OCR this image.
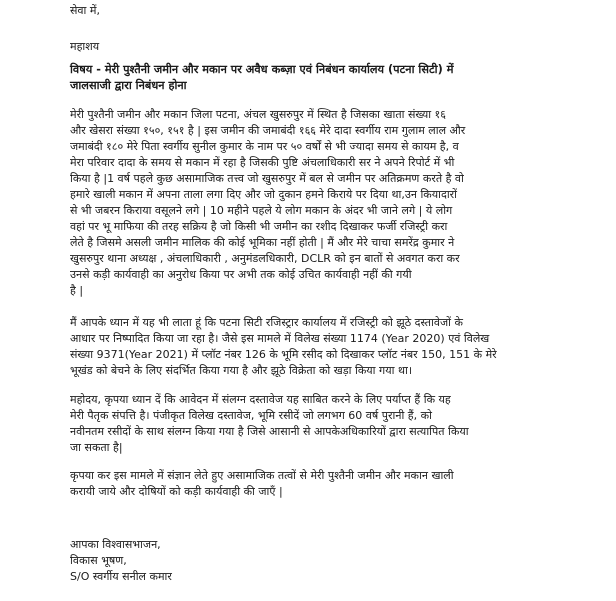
सेवा में,
महाशय
विषय - मेरी पुश्तैनी जमीन और मकान पर अवैध कब्ज़ा एवं निबंधन कार्यालय (पटना सिटी) में
जालसाजी द्वारा निबंधन होना
मेरी पुश्तैनी जमीन और मकान जिला पटना, अंचल खुसरुपुर में स्थित है जिसका खाता संख्या १६
और खेसरा संख्या १५०, १५१ है | इस जमीन की जमाबंदी १६६ मेरे दादा स्वर्गीय राम गुलाम लाल और
जमाबंदी १८० मेरे पिता स्वर्गीय सुनील कुमार के नाम पर ५० वर्षों से भी ज्यादा समय से कायम है, व
मेरा परिवार दादा के समय से मकान में रहा है जिसकी पुष्टि अंचलाधिकारी सर ने अपने रिपोर्ट में भी
किया है |1 वर्ष पहले कुछ असामाजिक तत्त्व जो खुसरुपुर में बल से जमीन पर अतिक्रमण करते है वो
हमारे खाली मकान में अपना ताला लगा दिए और जो दुकान हमने किराये पर दिया था,उन कियादारों
से भी जबरन किराया वसूलने लगे | 10 महीने पहले ये लोग मकान के अंदर भी जाने लगे | ये लोग
वहां पर भू माफिया की तरह सक्रिय है जो किसी भी जमीन का रशीद दिखाकर फर्जी रजिस्ट्री करा
लेते है जिसमे असली जमीन मालिक की कोई भूमिका नहीं होती | मैं और मेरे चाचा समरेंद्र कुमार ने
खुसरुपुर थाना अध्यक्ष , अंचलाधिकारी , अनुमंडलधिकारी, DCLR को इन बातों से अवगत करा कर
उनसे कड़ी कार्यवाही का अनुरोध किया पर अभी तक कोई उचित कार्यवाही नहीं की गयी
है |
मैं आपके ध्यान में यह भी लाता हूं कि पटना सिटी रजिस्ट्रार कार्यालय में रजिस्ट्री को झूठे दस्तावेजों के
आधार पर निष्पादित किया जा रहा है। जैसे इस मामले में विलेख संख्या 1174 (Year 2020) एवं विलेख
संख्या 9371(Year 2021) में प्लॉट नंबर 126 के भूमि रसीद को दिखाकर प्लॉट नंबर 150, 151 के मेरे
भूखंड को बेचने के लिए संदर्भित किया गया है और झूठे विक्रेता को खड़ा किया गया था।
महोदय, कृपया ध्यान दें कि आवेदन में संलग्न दस्तावेज यह साबित करने के लिए पर्याप्त हैं कि यह
मेरी पैतृक संपत्ति है। पंजीकृत विलेख दस्तावेज, भूमि रसीदें जो लगभग 60 वर्ष पुरानी हैं, को
नवीनतम रसीदों के साथ संलग्न किया गया है जिसे आसानी से आपकेअधिकारियों द्वारा सत्यापित किया
जा सकता है|
कृपया कर इस मामले में संज्ञान लेते हुए असामाजिक तत्वों से मेरी पुश्तैनी जमीन और मकान खाली
करायी जाये और दोषियों को कड़ी कार्यवाही की जाएँ |
आपका विश्वासभाजन,
विकास भूषण,
S/O स्वर्गीय सनील कमार
